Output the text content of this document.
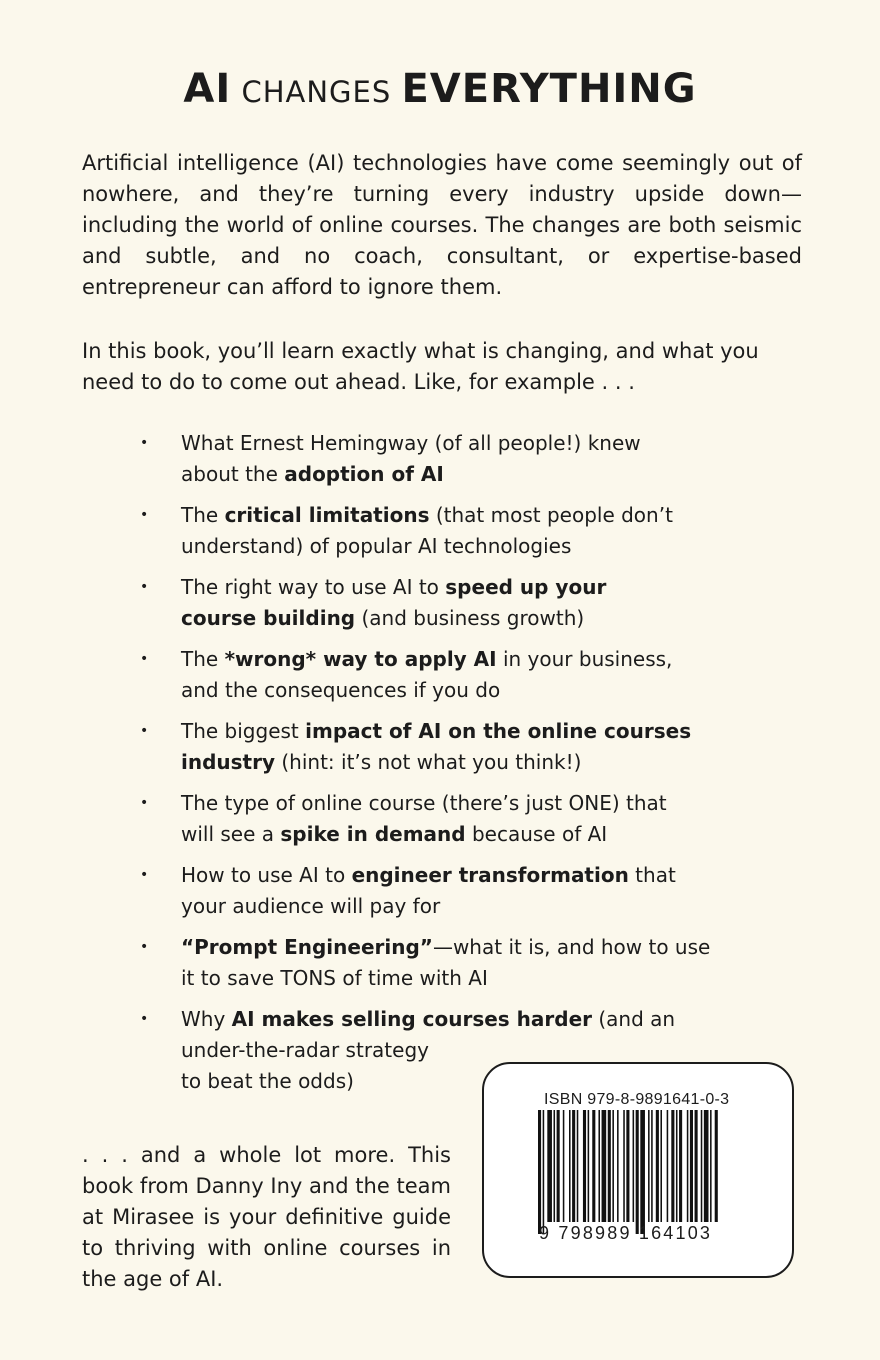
AI CHANGES EVERYTHING

Artificial intelligence (AI) technologies have come seemingly out of nowhere, and they’re turning every industry upside down—including the world of online courses. The changes are both seismic and subtle, and no coach, consultant, or expertise-based entrepreneur can afford to ignore them.

In this book, you’ll learn exactly what is changing, and what you need to do to come out ahead. Like, for example . . .

• What Ernest Hemingway (of all people!) knew
about the adoption of AI
• The critical limitations (that most people don’t
understand) of popular AI technologies
• The right way to use AI to speed up your
course building (and business growth)
• The *wrong* way to apply AI in your business,
and the consequences if you do
• The biggest impact of AI on the online courses
industry (hint: it’s not what you think!)
• The type of online course (there’s just ONE) that
will see a spike in demand because of AI
• How to use AI to engineer transformation that
your audience will pay for
• “Prompt Engineering”—what it is, and how to use
it to save TONS of time with AI
• Why AI makes selling courses harder (and an
under-the-radar strategy
to beat the odds)

. . . and a whole lot more. This book from Danny Iny and the team at Mirasee is your definitive guide to thriving with online courses in the age of AI.

ISBN 979-8-9891641-0-3
9 798989 164103
